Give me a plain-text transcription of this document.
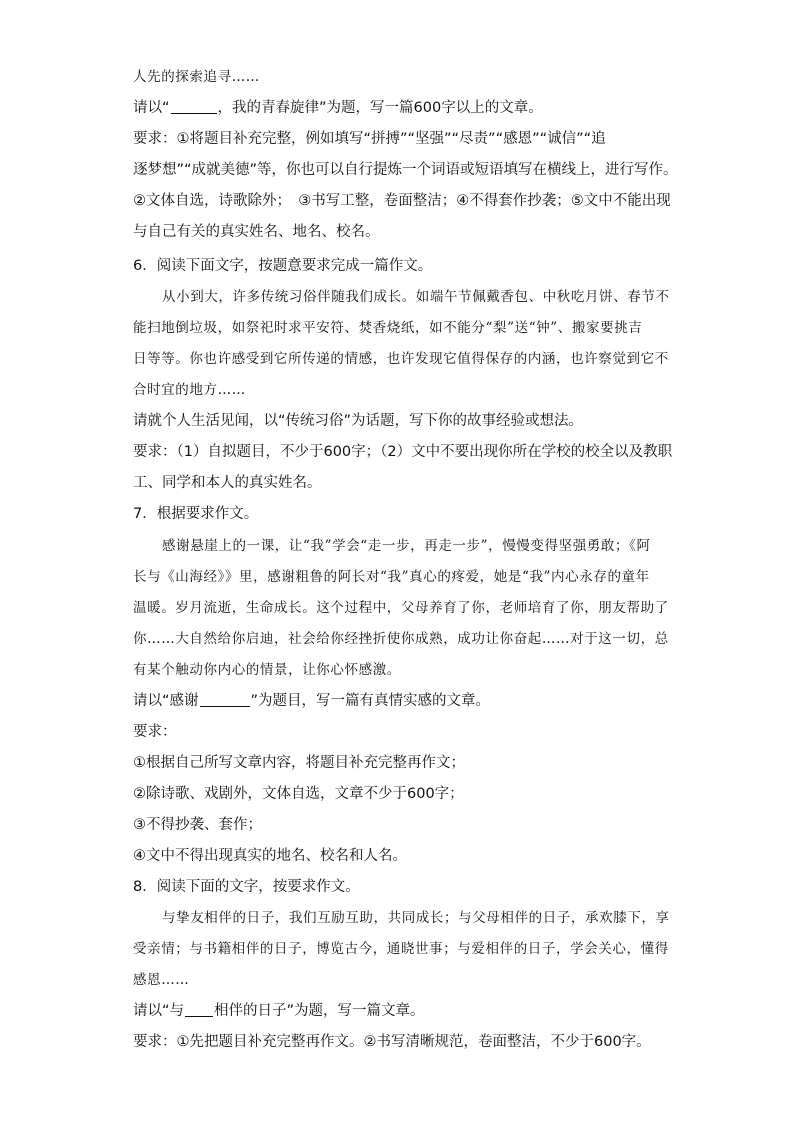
人先的探索追寻……
请以“	，我的青春旋律”为题，写一篇600字以上的文章。
要求：①将题目补充完整，例如填写“拼搏”“坚强”“尽责”“感恩”“诚信”“追
逐梦想”“成就美德”等，你也可以自行提炼一个词语或短语填写在横线上，进行写作。
②文体自选，诗歌除外；　③书写工整，卷面整洁；④不得套作抄袭；⑤文中不能出现
与自己有关的真实姓名、地名、校名。
6．阅读下面文字，按题意要求完成一篇作文。
从小到大，许多传统习俗伴随我们成长。如端午节佩戴香包、中秋吃月饼、春节不
能扫地倒垃圾，如祭祀时求平安符、焚香烧纸，如不能分“梨”送“钟”、搬家要挑吉
日等等。你也许感受到它所传递的情感，也许发现它值得保存的内涵，也许察觉到它不
合时宜的地方……
请就个人生活见闻，以“传统习俗”为话题，写下你的故事经验或想法。
要求：（1）自拟题目，不少于600字；（2）文中不要出现你所在学校的校全以及教职
工、同学和本人的真实姓名。
7．根据要求作文。
感谢悬崖上的一课，让“我”学会“走一步，再走一步”，慢慢变得坚强勇敢；《阿
长与《山海经》》里，感谢粗鲁的阿长对“我”真心的疼爱，她是“我”内心永存的童年
温暖。岁月流逝，生命成长。这个过程中，父母养育了你，老师培育了你，朋友帮助了
你……大自然给你启迪，社会给你经挫折使你成熟，成功让你奋起……对于这一切，总
有某个触动你内心的情景，让你心怀感激。
请以“感谢	”为题目，写一篇有真情实感的文章。
要求：
①根据自己所写文章内容，将题目补充完整再作文；
②除诗歌、戏剧外，文体自选，文章不少于600字；
③不得抄袭、套作；
④文中不得出现真实的地名、校名和人名。
8．阅读下面的文字，按要求作文。
与挚友相伴的日子，我们互励互助，共同成长；与父母相伴的日子，承欢膝下，享
受亲情；与书籍相伴的日子，博览古今，通晓世事；与爱相伴的日子，学会关心，懂得
感恩……
请以“与 相伴的日子”为题，写一篇文章。
要求：①先把题目补充完整再作文。②书写清晰规范，卷面整洁，不少于600字。
